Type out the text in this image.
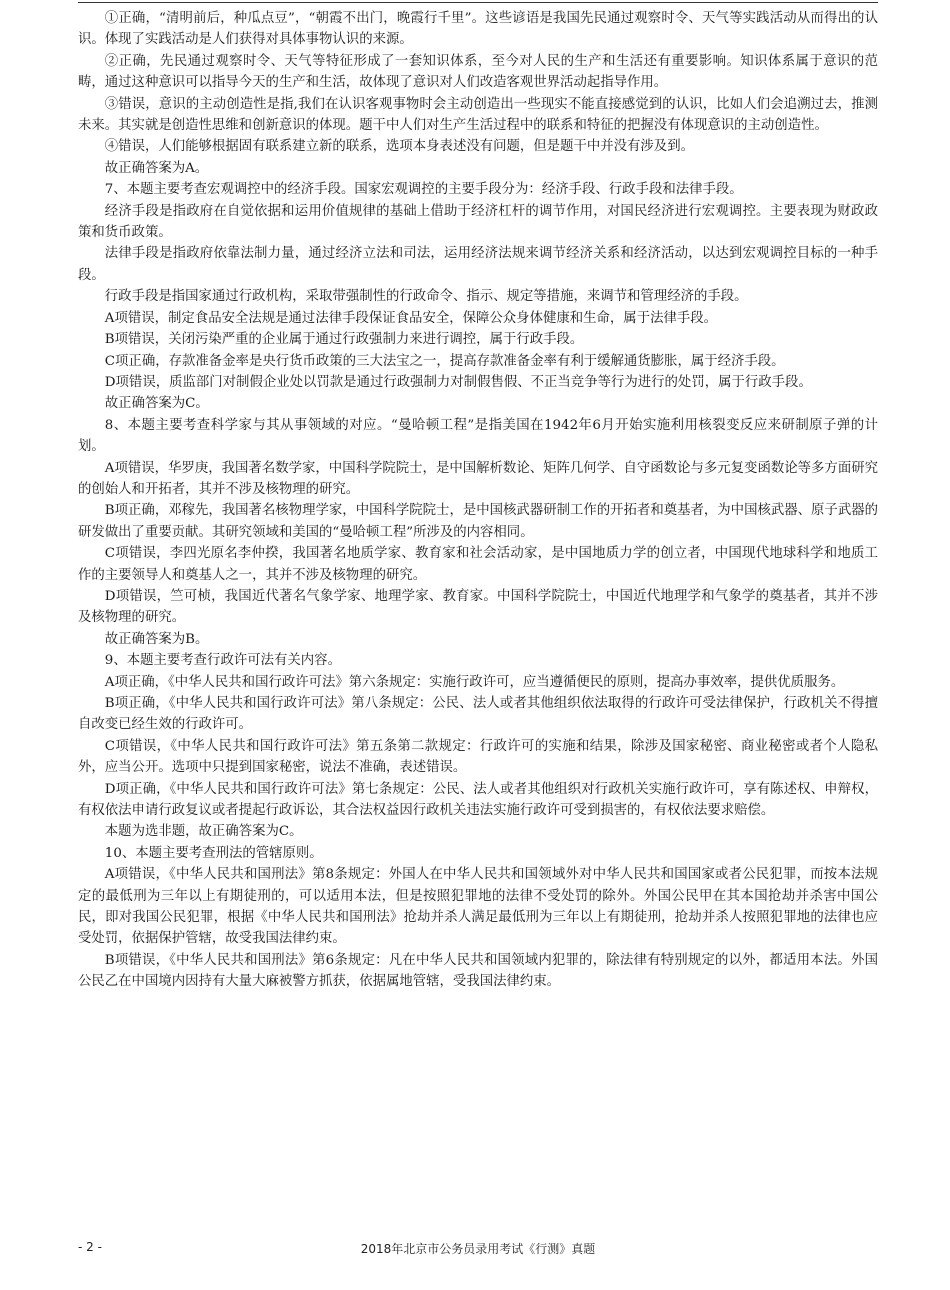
①正确，“清明前后，种瓜点豆”，“朝霞不出门，晚霞行千里”。这些谚语是我国先民通过观察时令、天气等实践活动从而得出的认识。体现了实践活动是人们获得对具体事物认识的来源。

②正确，先民通过观察时令、天气等特征形成了一套知识体系，至今对人民的生产和生活还有重要影响。知识体系属于意识的范畴，通过这种意识可以指导今天的生产和生活，故体现了意识对人们改造客观世界活动起指导作用。

③错误，意识的主动创造性是指,我们在认识客观事物时会主动创造出一些现实不能直接感觉到的认识，比如人们会追溯过去，推测未来。其实就是创造性思维和创新意识的体现。题干中人们对生产生活过程中的联系和特征的把握没有体现意识的主动创造性。

④错误，人们能够根据固有联系建立新的联系，选项本身表述没有问题，但是题干中并没有涉及到。

故正确答案为A。

7、本题主要考查宏观调控中的经济手段。国家宏观调控的主要手段分为：经济手段、行政手段和法律手段。

经济手段是指政府在自觉依据和运用价值规律的基础上借助于经济杠杆的调节作用，对国民经济进行宏观调控。主要表现为财政政策和货币政策。

法律手段是指政府依靠法制力量，通过经济立法和司法，运用经济法规来调节经济关系和经济活动，以达到宏观调控目标的一种手段。

行政手段是指国家通过行政机构，采取带强制性的行政命令、指示、规定等措施，来调节和管理经济的手段。

A项错误，制定食品安全法规是通过法律手段保证食品安全，保障公众身体健康和生命，属于法律手段。

B项错误，关闭污染严重的企业属于通过行政强制力来进行调控，属于行政手段。

C项正确，存款准备金率是央行货币政策的三大法宝之一，提高存款准备金率有利于缓解通货膨胀，属于经济手段。

D项错误，质监部门对制假企业处以罚款是通过行政强制力对制假售假、不正当竞争等行为进行的处罚，属于行政手段。

故正确答案为C。

8、本题主要考查科学家与其从事领域的对应。“曼哈顿工程”是指美国在1942年6月开始实施利用核裂变反应来研制原子弹的计划。

A项错误，华罗庚，我国著名数学家，中国科学院院士，是中国解析数论、矩阵几何学、自守函数论与多元复变函数论等多方面研究的创始人和开拓者，其并不涉及核物理的研究。

B项正确，邓稼先，我国著名核物理学家，中国科学院院士，是中国核武器研制工作的开拓者和奠基者，为中国核武器、原子武器的研发做出了重要贡献。其研究领域和美国的“曼哈顿工程”所涉及的内容相同。

C项错误，李四光原名李仲揆，我国著名地质学家、教育家和社会活动家，是中国地质力学的创立者，中国现代地球科学和地质工作的主要领导人和奠基人之一，其并不涉及核物理的研究。

D项错误，竺可桢，我国近代著名气象学家、地理学家、教育家。中国科学院院士，中国近代地理学和气象学的奠基者，其并不涉及核物理的研究。

故正确答案为B。

9、本题主要考查行政许可法有关内容。

A项正确，《中华人民共和国行政许可法》第六条规定：实施行政许可，应当遵循便民的原则，提高办事效率，提供优质服务。

B项正确，《中华人民共和国行政许可法》第八条规定：公民、法人或者其他组织依法取得的行政许可受法律保护，行政机关不得擅自改变已经生效的行政许可。

C项错误，《中华人民共和国行政许可法》第五条第二款规定：行政许可的实施和结果，除涉及国家秘密、商业秘密或者个人隐私外，应当公开。选项中只提到国家秘密，说法不准确，表述错误。

D项正确，《中华人民共和国行政许可法》第七条规定：公民、法人或者其他组织对行政机关实施行政许可，享有陈述权、申辩权，有权依法申请行政复议或者提起行政诉讼，其合法权益因行政机关违法实施行政许可受到损害的，有权依法要求赔偿。

本题为选非题，故正确答案为C。

10、本题主要考查刑法的管辖原则。

A项错误，《中华人民共和国刑法》第8条规定：外国人在中华人民共和国领域外对中华人民共和国国家或者公民犯罪，而按本法规定的最低刑为三年以上有期徒刑的，可以适用本法，但是按照犯罪地的法律不受处罚的除外。外国公民甲在其本国抢劫并杀害中国公民，即对我国公民犯罪，根据《中华人民共和国刑法》抢劫并杀人满足最低刑为三年以上有期徒刑，抢劫并杀人按照犯罪地的法律也应受处罚，依据保护管辖，故受我国法律约束。

B项错误，《中华人民共和国刑法》第6条规定：凡在中华人民共和国领域内犯罪的，除法律有特别规定的以外，都适用本法。外国公民乙在中国境内因持有大量大麻被警方抓获，依据属地管辖，受我国法律约束。

- 2 -	2018年北京市公务员录用考试《行测》真题
